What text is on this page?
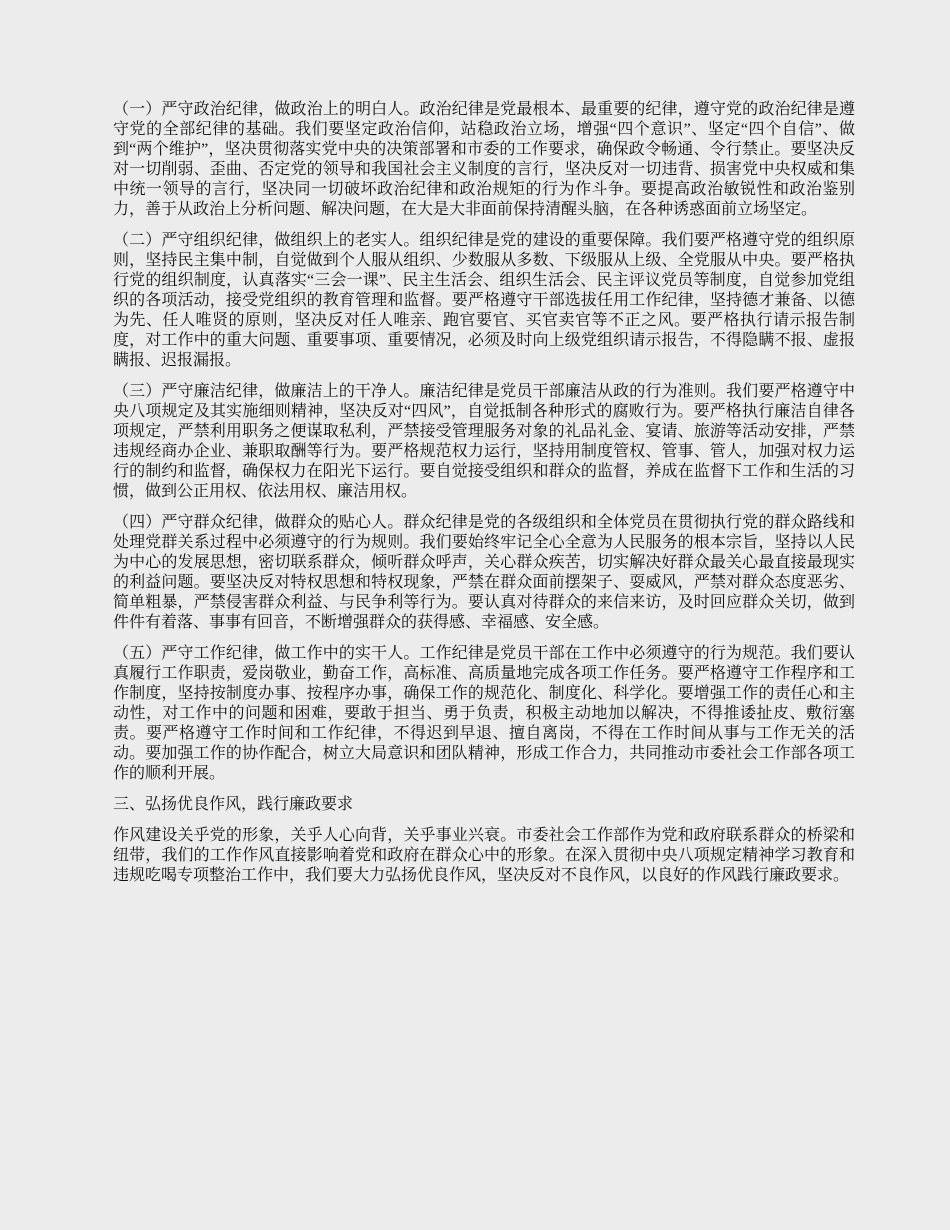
（一）严守政治纪律，做政治上的明白人。政治纪律是党最根本、最重要的纪律，遵守党的政治纪律是遵守党的全部纪律的基础。我们要坚定政治信仰，站稳政治立场，增强“四个意识”、坚定“四个自信”、做到“两个维护”，坚决贯彻落实党中央的决策部署和市委的工作要求，确保政令畅通、令行禁止。要坚决反对一切削弱、歪曲、否定党的领导和我国社会主义制度的言行，坚决反对一切违背、损害党中央权威和集中统一领导的言行，坚决同一切破坏政治纪律和政治规矩的行为作斗争。要提高政治敏锐性和政治鉴别力，善于从政治上分析问题、解决问题，在大是大非面前保持清醒头脑，在各种诱惑面前立场坚定。

（二）严守组织纪律，做组织上的老实人。组织纪律是党的建设的重要保障。我们要严格遵守党的组织原则，坚持民主集中制，自觉做到个人服从组织、少数服从多数、下级服从上级、全党服从中央。要严格执行党的组织制度，认真落实“三会一课”、民主生活会、组织生活会、民主评议党员等制度，自觉参加党组织的各项活动，接受党组织的教育管理和监督。要严格遵守干部选拔任用工作纪律，坚持德才兼备、以德为先、任人唯贤的原则，坚决反对任人唯亲、跑官要官、买官卖官等不正之风。要严格执行请示报告制度，对工作中的重大问题、重要事项、重要情况，必须及时向上级党组织请示报告，不得隐瞒不报、虚报瞒报、迟报漏报。

（三）严守廉洁纪律，做廉洁上的干净人。廉洁纪律是党员干部廉洁从政的行为准则。我们要严格遵守中央八项规定及其实施细则精神，坚决反对“四风”，自觉抵制各种形式的腐败行为。要严格执行廉洁自律各项规定，严禁利用职务之便谋取私利，严禁接受管理服务对象的礼品礼金、宴请、旅游等活动安排，严禁违规经商办企业、兼职取酬等行为。要严格规范权力运行，坚持用制度管权、管事、管人，加强对权力运行的制约和监督，确保权力在阳光下运行。要自觉接受组织和群众的监督，养成在监督下工作和生活的习惯，做到公正用权、依法用权、廉洁用权。

（四）严守群众纪律，做群众的贴心人。群众纪律是党的各级组织和全体党员在贯彻执行党的群众路线和处理党群关系过程中必须遵守的行为规则。我们要始终牢记全心全意为人民服务的根本宗旨，坚持以人民为中心的发展思想，密切联系群众，倾听群众呼声，关心群众疾苦，切实解决好群众最关心最直接最现实的利益问题。要坚决反对特权思想和特权现象，严禁在群众面前摆架子、耍威风，严禁对群众态度恶劣、简单粗暴，严禁侵害群众利益、与民争利等行为。要认真对待群众的来信来访，及时回应群众关切，做到件件有着落、事事有回音，不断增强群众的获得感、幸福感、安全感。

（五）严守工作纪律，做工作中的实干人。工作纪律是党员干部在工作中必须遵守的行为规范。我们要认真履行工作职责，爱岗敬业，勤奋工作，高标准、高质量地完成各项工作任务。要严格遵守工作程序和工作制度，坚持按制度办事、按程序办事，确保工作的规范化、制度化、科学化。要增强工作的责任心和主动性，对工作中的问题和困难，要敢于担当、勇于负责，积极主动地加以解决，不得推诿扯皮、敷衍塞责。要严格遵守工作时间和工作纪律，不得迟到早退、擅自离岗，不得在工作时间从事与工作无关的活动。要加强工作的协作配合，树立大局意识和团队精神，形成工作合力，共同推动市委社会工作部各项工作的顺利开展。

三、弘扬优良作风，践行廉政要求

作风建设关乎党的形象，关乎人心向背，关乎事业兴衰。市委社会工作部作为党和政府联系群众的桥梁和纽带，我们的工作作风直接影响着党和政府在群众心中的形象。在深入贯彻中央八项规定精神学习教育和违规吃喝专项整治工作中，我们要大力弘扬优良作风，坚决反对不良作风，以良好的作风践行廉政要求。
